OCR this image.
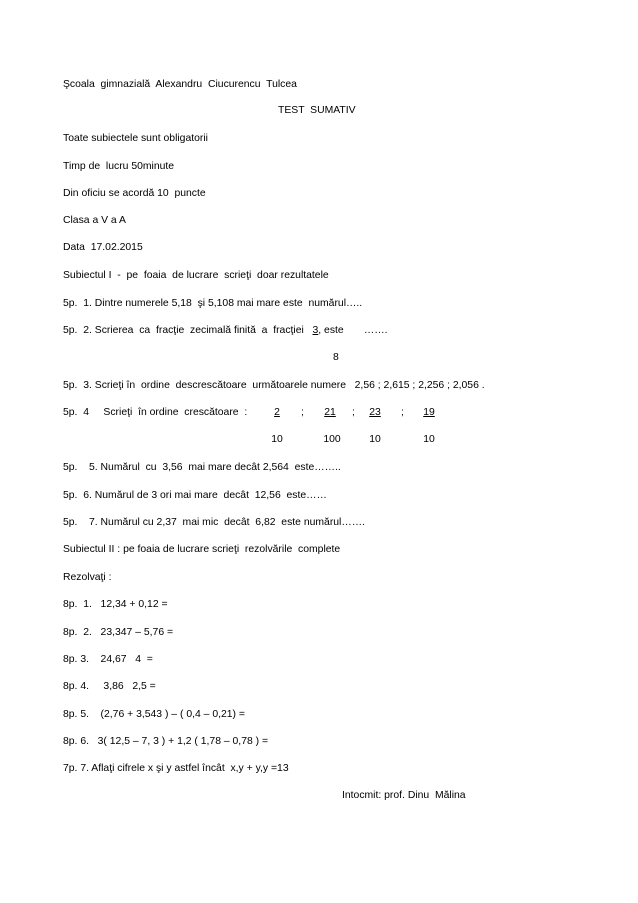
Şcoala  gimnazială  Alexandru  Ciucurencu  Tulcea
TEST  SUMATIV
Toate subiectele sunt obligatorii
Timp de  lucru 50minute
Din oficiu se acordă 10  puncte
Clasa a V a A
Data  17.02.2015
Subiectul I  -  pe  foaia  de lucrare  scrieţi  doar rezultatele
5p.  1. Dintre numerele 5,18  şi 5,108 mai mare este  numărul…..
5p.  2. Scrierea  ca  fracţie  zecimală finită  a  fracţiei 3, este       …….
8
5p.  3. Scrieţi în  ordine  descrescătoare  următoarele numere   2,56 ; 2,615 ; 2,256 ; 2,056 .
5p.  4     Scrieţi  în ordine  crescătoare  :	2	;	21	;	23	;	19
10	100	10	10
5p.    5. Numărul  cu  3,56  mai mare decât 2,564  este……..
5p.  6. Numărul de 3 ori mai mare  decât  12,56  este……
5p.    7. Numărul cu 2,37  mai mic  decât  6,82  este numărul…….
Subiectul II : pe foaia de lucrare scrieţi  rezolvările  complete
Rezolvaţi :
8p.  1.   12,34 + 0,12 =
8p.  2.   23,347 – 5,76 =
8p. 3.    24,67   4  =
8p. 4.     3,86   2,5 =
8p. 5.    (2,76 + 3,543 ) – ( 0,4 – 0,21) =
8p. 6.   3( 12,5 – 7, 3 ) + 1,2 ( 1,78 – 0,78 ) =
7p. 7. Aflaţi cifrele x şi y astfel încât  x,y + y,y =13
Intocmit: prof. Dinu  Mălina
